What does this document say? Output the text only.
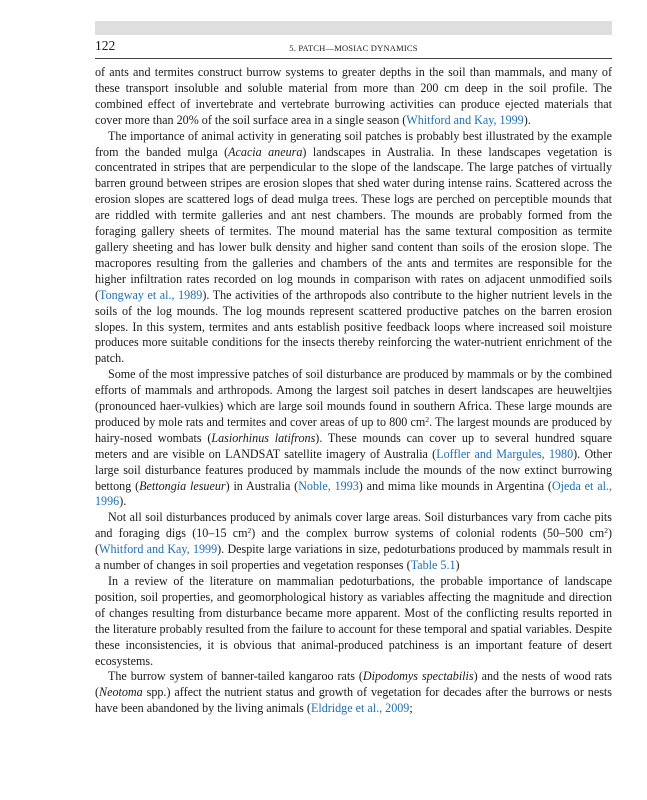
122	5. PATCH—MOSIAC DYNAMICS

of ants and termites construct burrow systems to greater depths in the soil than mammals, and many of these transport insoluble and soluble material from more than 200 cm deep in the soil profile. The combined effect of invertebrate and vertebrate burrowing activities can produce ejected materials that cover more than 20% of the soil surface area in a single season (Whitford and Kay, 1999).

The importance of animal activity in generating soil patches is probably best illustrated by the example from the banded mulga (Acacia aneura) landscapes in Australia. In these landscapes vegetation is concentrated in stripes that are perpendicular to the slope of the landscape. The large patches of virtually barren ground between stripes are erosion slopes that shed water during intense rains. Scattered across the erosion slopes are scattered logs of dead mulga trees. These logs are perched on perceptible mounds that are riddled with termite galleries and ant nest chambers. The mounds are probably formed from the foraging gallery sheets of termites. The mound material has the same textural composition as termite gallery sheeting and has lower bulk density and higher sand content than soils of the erosion slope. The macropores resulting from the galleries and chambers of the ants and termites are responsible for the higher infiltration rates recorded on log mounds in comparison with rates on adjacent unmodified soils (Tongway et al., 1989). The activities of the arthropods also contribute to the higher nutrient levels in the soils of the log mounds. The log mounds represent scattered productive patches on the barren erosion slopes. In this system, termites and ants establish positive feedback loops where increased soil moisture produces more suitable conditions for the insects thereby reinforcing the water-nutrient enrichment of the patch.

Some of the most impressive patches of soil disturbance are produced by mammals or by the combined efforts of mammals and arthropods. Among the largest soil patches in desert landscapes are heuweltjies (pronounced haer-vulkies) which are large soil mounds found in southern Africa. These large mounds are produced by mole rats and termites and cover areas of up to 800 $cm^2$. The largest mounds are produced by hairy-nosed wombats (Lasiorhinus latifrons). These mounds can cover up to several hundred square meters and are visible on LANDSAT satellite imagery of Australia (Loffler and Margules, 1980). Other large soil disturbance features produced by mammals include the mounds of the now extinct burrowing bettong (Bettongia lesueur) in Australia (Noble, 1993) and mima like mounds in Argentina (Ojeda et al., 1996).

Not all soil disturbances produced by animals cover large areas. Soil disturbances vary from cache pits and foraging digs (10–15 $cm^2$) and the complex burrow systems of colonial rodents (50–500 $cm^2$) (Whitford and Kay, 1999). Despite large variations in size, pedoturbations produced by mammals result in a number of changes in soil properties and vegetation responses (Table 5.1)

In a review of the literature on mammalian pedoturbations, the probable importance of landscape position, soil properties, and geomorphological history as variables affecting the magnitude and direction of changes resulting from disturbance became more apparent. Most of the conflicting results reported in the literature probably resulted from the failure to account for these temporal and spatial variables. Despite these inconsistencies, it is obvious that animal-produced patchiness is an important feature of desert ecosystems.

The burrow system of banner-tailed kangaroo rats (Dipodomys spectabilis) and the nests of wood rats (Neotoma spp.) affect the nutrient status and growth of vegetation for decades after the burrows or nests have been abandoned by the living animals (Eldridge et al., 2009;
